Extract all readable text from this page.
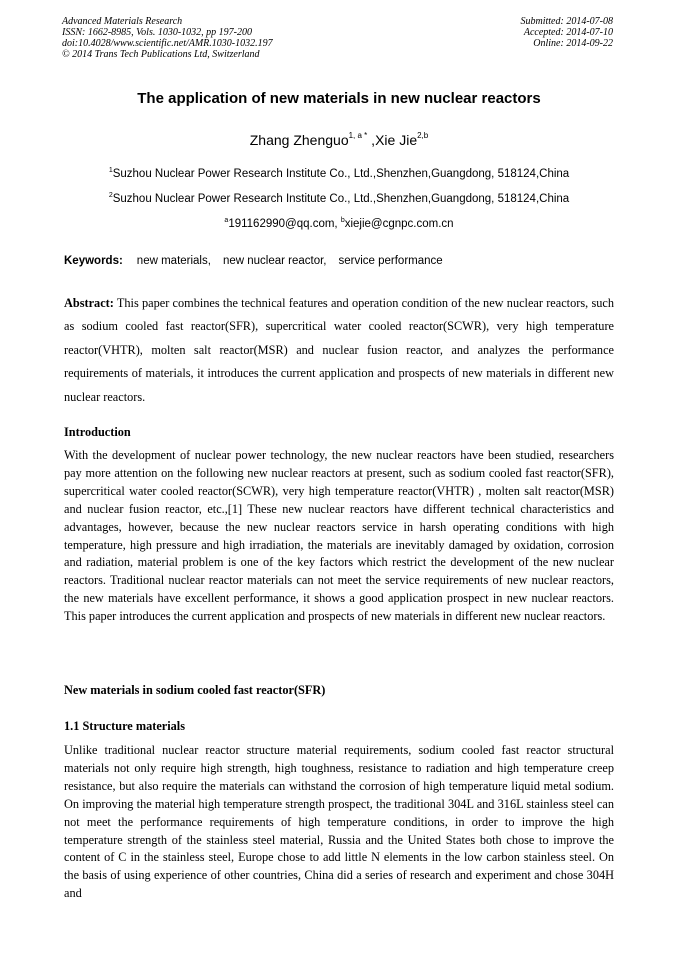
Advanced Materials Research
ISSN: 1662-8985, Vols. 1030-1032, pp 197-200
doi:10.4028/www.scientific.net/AMR.1030-1032.197
© 2014 Trans Tech Publications Ltd, Switzerland
Submitted: 2014-07-08
Accepted: 2014-07-10
Online: 2014-09-22
The application of new materials in new nuclear reactors
Zhang Zhenguo$^{1, a *}$ ,Xie Jie$^{2,b}$
$^1$Suzhou Nuclear Power Research Institute Co., Ltd.,Shenzhen,Guangdong, 518124,China
$^2$Suzhou Nuclear Power Research Institute Co., Ltd.,Shenzhen,Guangdong, 518124,China
$^a$191162990@qq.com, $^b$xiejie@cgnpc.com.cn
Keywords: new materials, new nuclear reactor, service performance
Abstract: This paper combines the technical features and operation condition of the new nuclear reactors, such as sodium cooled fast reactor(SFR), supercritical water cooled reactor(SCWR), very high temperature reactor(VHTR), molten salt reactor(MSR) and nuclear fusion reactor, and analyzes the performance requirements of materials, it introduces the current application and prospects of new materials in different new nuclear reactors.
Introduction
With the development of nuclear power technology, the new nuclear reactors have been studied, researchers pay more attention on the following new nuclear reactors at present, such as sodium cooled fast reactor(SFR), supercritical water cooled reactor(SCWR), very high temperature reactor(VHTR) , molten salt reactor(MSR) and nuclear fusion reactor, etc.,[1] These new nuclear reactors have different technical characteristics and advantages, however, because the new nuclear reactors service in harsh operating conditions with high temperature, high pressure and high irradiation, the materials are inevitably damaged by oxidation, corrosion and radiation, material problem is one of the key factors which restrict the development of the new nuclear reactors. Traditional nuclear reactor materials can not meet the service requirements of new nuclear reactors, the new materials have excellent performance, it shows a good application prospect in new nuclear reactors. This paper introduces the current application and prospects of new materials in different new nuclear reactors.
New materials in sodium cooled fast reactor(SFR)
1.1 Structure materials
Unlike traditional nuclear reactor structure material requirements, sodium cooled fast reactor structural materials not only require high strength, high toughness, resistance to radiation and high temperature creep resistance, but also require the materials can withstand the corrosion of high temperature liquid metal sodium. On improving the material high temperature strength prospect, the traditional 304L and 316L stainless steel can not meet the performance requirements of high temperature conditions, in order to improve the high temperature strength of the stainless steel material, Russia and the United States both chose to improve the content of C in the stainless steel, Europe chose to add little N elements in the low carbon stainless steel. On the basis of using experience of other countries, China did a series of research and experiment and chose 304H and
